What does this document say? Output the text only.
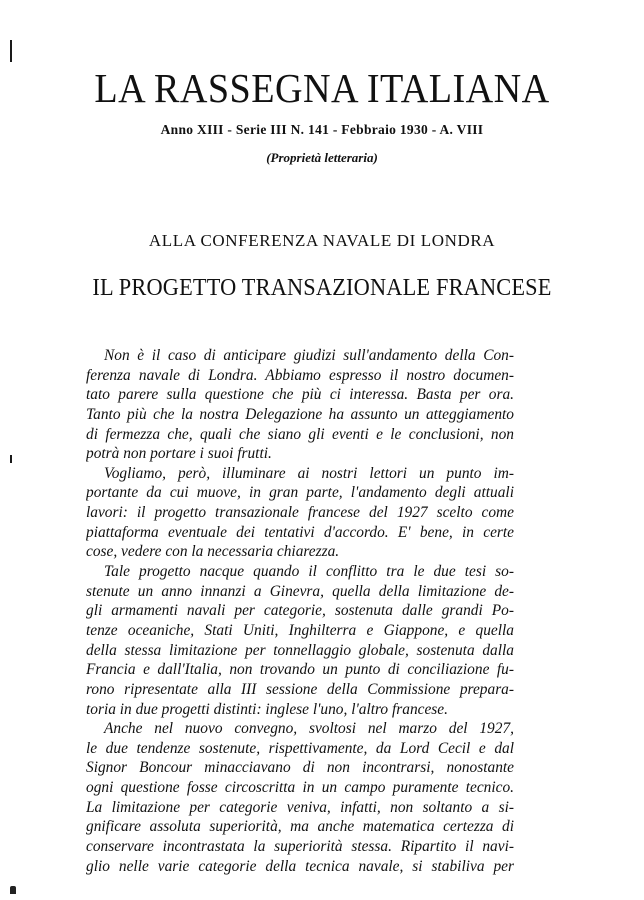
LA RASSEGNA ITALIANA
Anno XIII - Serie III N. 141 - Febbraio 1930 - A. VIII
(Proprietà letteraria)
ALLA CONFERENZA NAVALE DI LONDRA
IL PROGETTO TRANSAZIONALE FRANCESE
Non è il caso di anticipare giudizi sull'andamento della Con-
ferenza navale di Londra. Abbiamo espresso il nostro documen-
tato parere sulla questione che più ci interessa. Basta per ora.
Tanto più che la nostra Delegazione ha assunto un atteggiamento
di fermezza che, quali che siano gli eventi e le conclusioni, non
potrà non portare i suoi frutti.
Vogliamo, però, illuminare ai nostri lettori un punto im-
portante da cui muove, in gran parte, l'andamento degli attuali
lavori: il progetto transazionale francese del 1927 scelto come
piattaforma eventuale dei tentativi d'accordo. E' bene, in certe
cose, vedere con la necessaria chiarezza.
Tale progetto nacque quando il conflitto tra le due tesi so-
stenute un anno innanzi a Ginevra, quella della limitazione de-
gli armamenti navali per categorie, sostenuta dalle grandi Po-
tenze oceaniche, Stati Uniti, Inghilterra e Giappone, e quella
della stessa limitazione per tonnellaggio globale, sostenuta dalla
Francia e dall'Italia, non trovando un punto di conciliazione fu-
rono ripresentate alla III sessione della Commissione prepara-
toria in due progetti distinti: inglese l'uno, l'altro francese.
Anche nel nuovo convegno, svoltosi nel marzo del 1927,
le due tendenze sostenute, rispettivamente, da Lord Cecil e dal
Signor Boncour minacciavano di non incontrarsi, nonostante
ogni questione fosse circoscritta in un campo puramente tecnico.
La limitazione per categorie veniva, infatti, non soltanto a si-
gnificare assoluta superiorità, ma anche matematica certezza di
conservare incontrastata la superiorità stessa. Ripartito il navi-
glio nelle varie categorie della tecnica navale, si stabiliva per
